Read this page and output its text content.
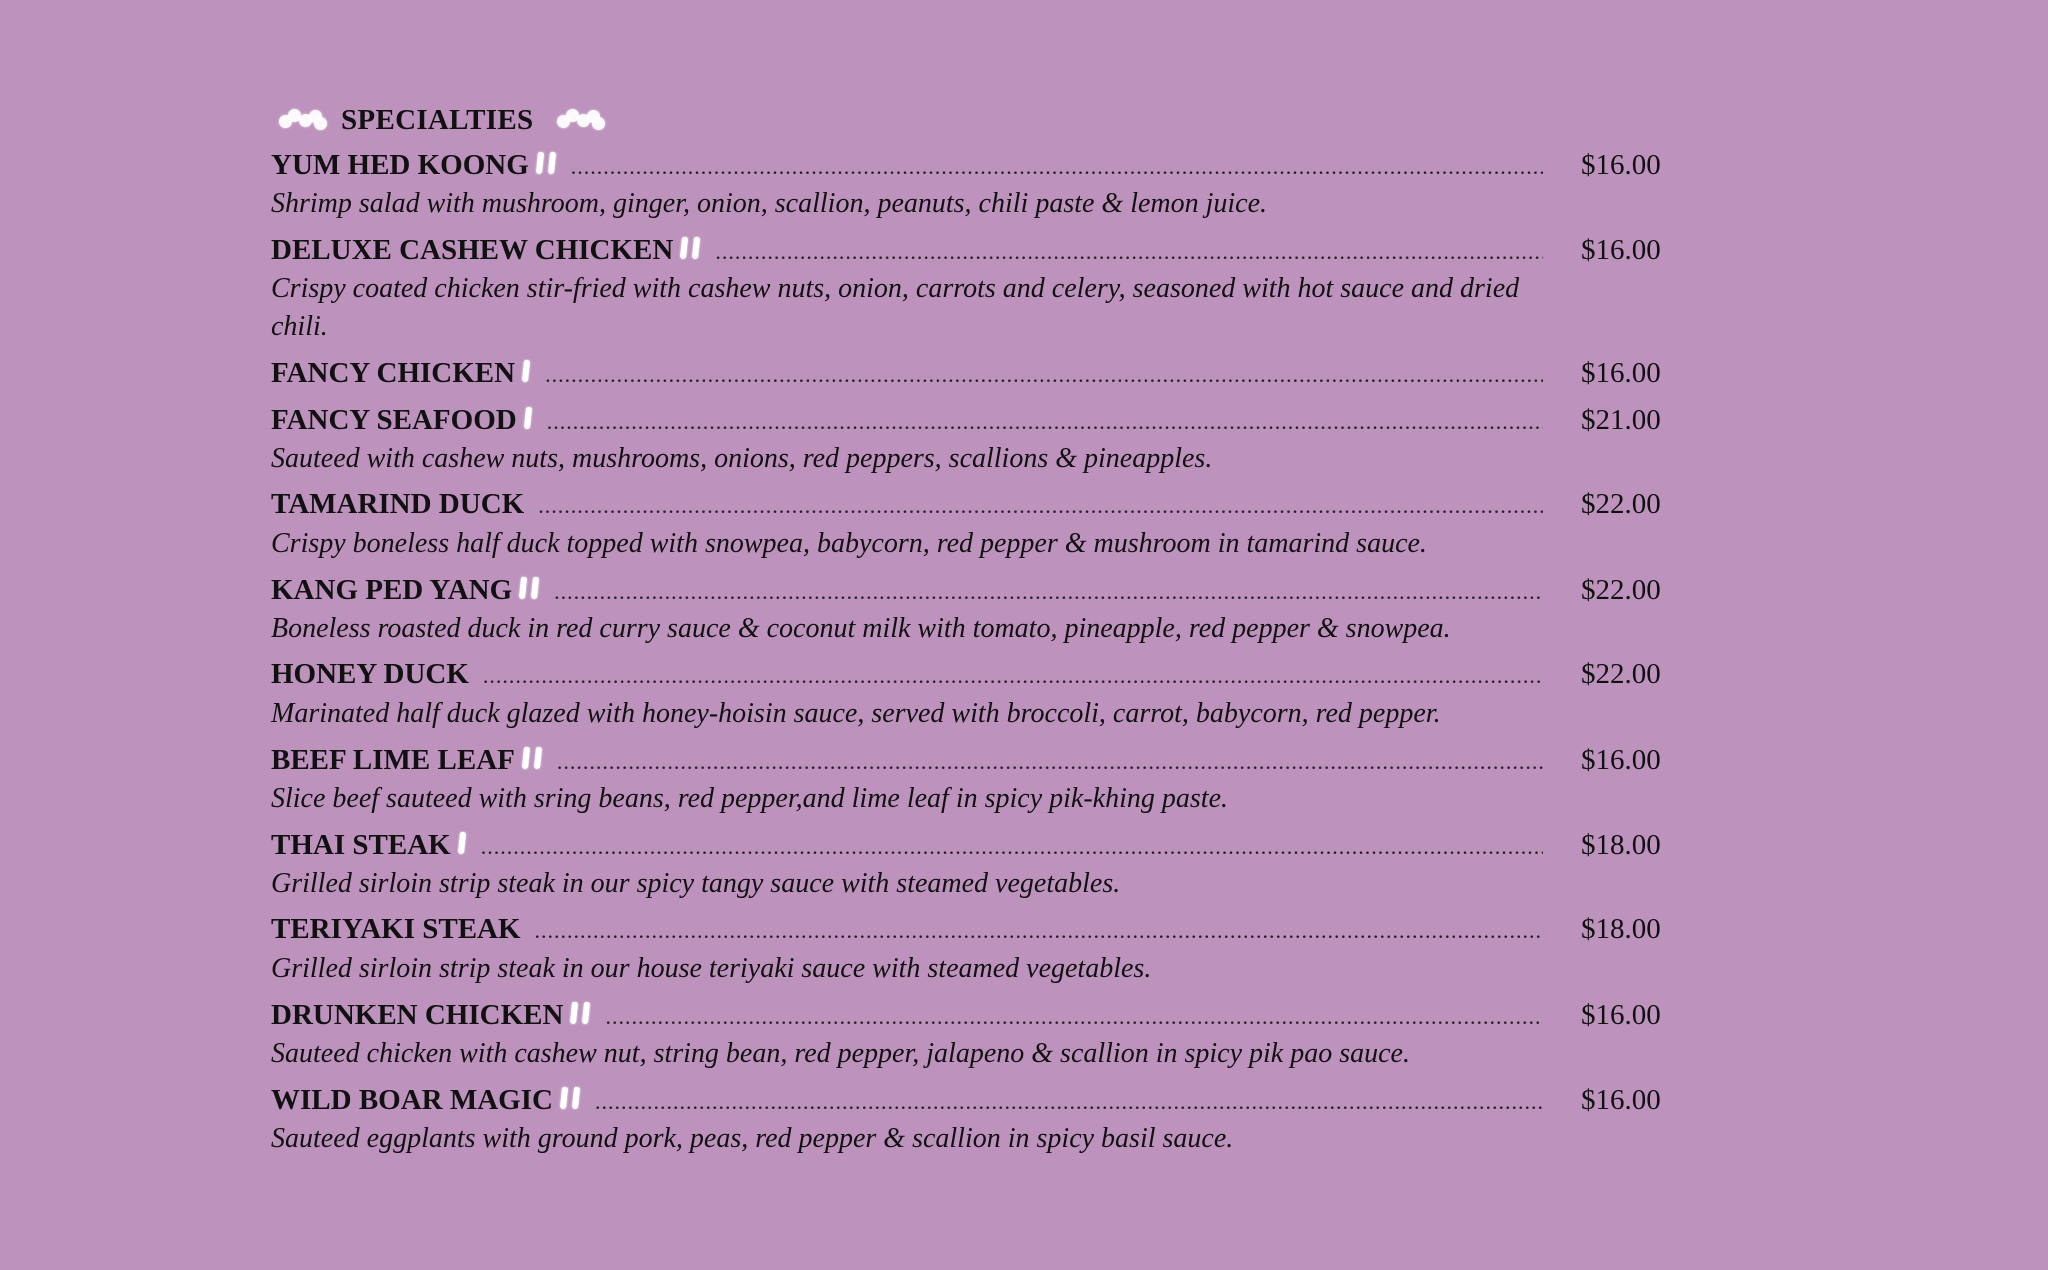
SPECIALTIES
YUM HED KOONG .....	$16.00
Shrimp salad with mushroom, ginger, onion, scallion, peanuts, chili paste & lemon juice.
DELUXE CASHEW CHICKEN .....	$16.00
Crispy coated chicken stir-fried with cashew nuts, onion, carrots and celery, seasoned with hot sauce and dried chili.
FANCY CHICKEN .....	$16.00
FANCY SEAFOOD .....	$21.00
Sauteed with cashew nuts, mushrooms, onions, red peppers, scallions & pineapples.
TAMARIND DUCK .....	$22.00
Crispy boneless half duck topped with snowpea, babycorn, red pepper & mushroom in tamarind sauce.
KANG PED YANG .....	$22.00
Boneless roasted duck in red curry sauce & coconut milk with tomato, pineapple, red pepper & snowpea.
HONEY DUCK .....	$22.00
Marinated half duck glazed with honey-hoisin sauce, served with broccoli, carrot, babycorn, red pepper.
BEEF LIME LEAF .....	$16.00
Slice beef sauteed with sring beans, red pepper,and lime leaf in spicy pik-khing paste.
THAI STEAK .....	$18.00
Grilled sirloin strip steak in our spicy tangy sauce with steamed vegetables.
TERIYAKI STEAK .....	$18.00
Grilled sirloin strip steak in our house teriyaki sauce with steamed vegetables.
DRUNKEN CHICKEN .....	$16.00
Sauteed chicken with cashew nut, string bean, red pepper, jalapeno & scallion in spicy pik pao sauce.
WILD BOAR MAGIC .....	$16.00
Sauteed eggplants with ground pork, peas, red pepper & scallion in spicy basil sauce.
